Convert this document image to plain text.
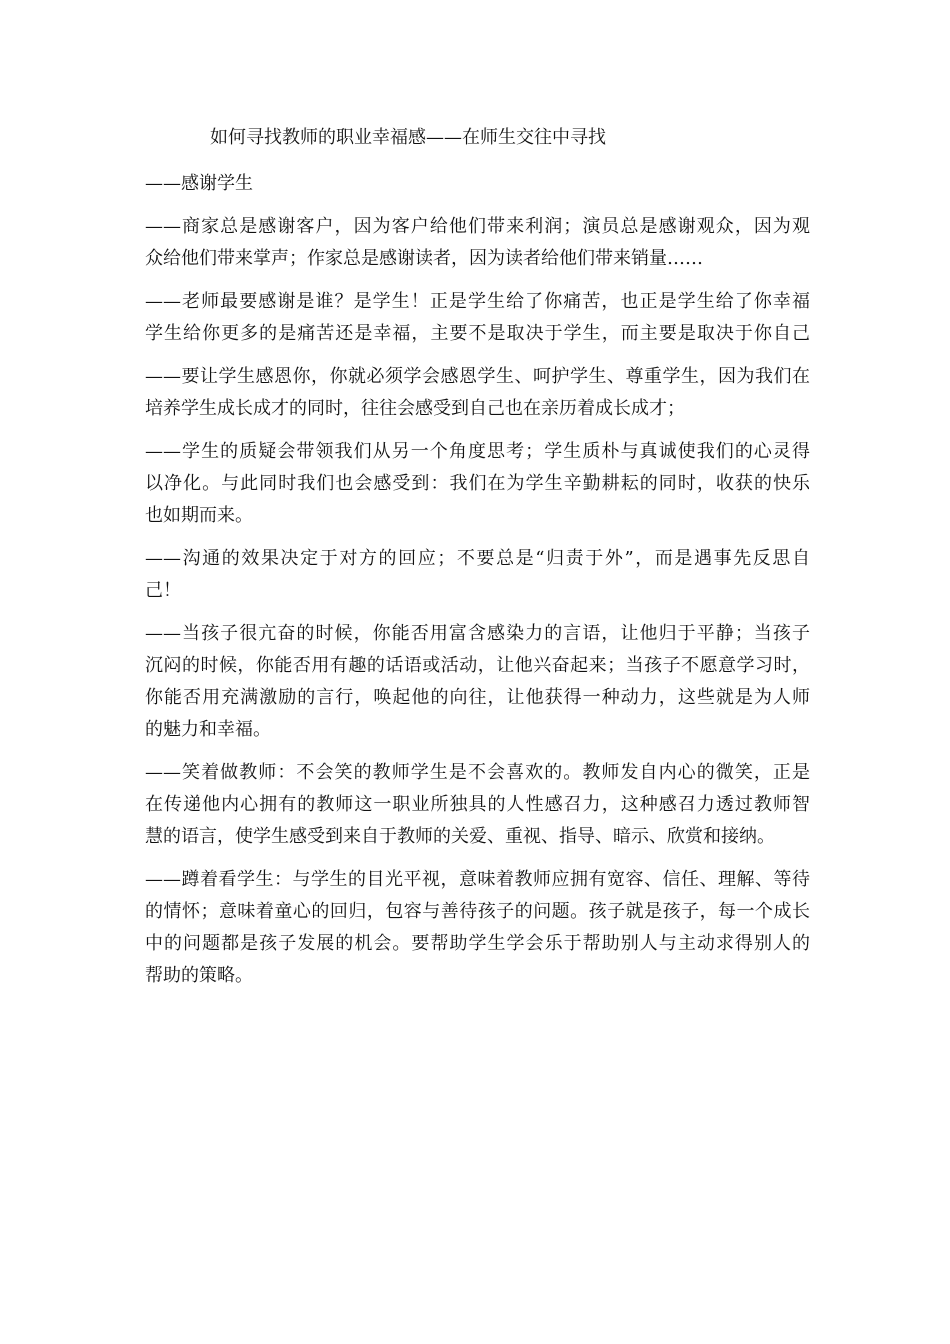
如何寻找教师的职业幸福感——在师生交往中寻找

——感谢学生

——商家总是感谢客户，因为客户给他们带来利润；演员总是感谢观众，因为观
众给他们带来掌声；作家总是感谢读者，因为读者给他们带来销量……

——老师最要感谢是谁？是学生！正是学生给了你痛苦，也正是学生给了你幸福
学生给你更多的是痛苦还是幸福，主要不是取决于学生，而主要是取决于你自己

——要让学生感恩你，你就必须学会感恩学生、呵护学生、尊重学生，因为我们在
培养学生成长成才的同时，往往会感受到自己也在亲历着成长成才；

——学生的质疑会带领我们从另一个角度思考；学生质朴与真诚使我们的心灵得
以净化。与此同时我们也会感受到：我们在为学生辛勤耕耘的同时，收获的快乐
也如期而来。

——沟通的效果决定于对方的回应；不要总是“归责于外”，而是遇事先反思自
己！

——当孩子很亢奋的时候，你能否用富含感染力的言语，让他归于平静；当孩子
沉闷的时候，你能否用有趣的话语或活动，让他兴奋起来；当孩子不愿意学习时，
你能否用充满激励的言行，唤起他的向往，让他获得一种动力，这些就是为人师
的魅力和幸福。

——笑着做教师：不会笑的教师学生是不会喜欢的。教师发自内心的微笑，正是
在传递他内心拥有的教师这一职业所独具的人性感召力，这种感召力透过教师智
慧的语言，使学生感受到来自于教师的关爱、重视、指导、暗示、欣赏和接纳。

——蹲着看学生：与学生的目光平视，意味着教师应拥有宽容、信任、理解、等待
的情怀；意味着童心的回归，包容与善待孩子的问题。孩子就是孩子，每一个成长
中的问题都是孩子发展的机会。要帮助学生学会乐于帮助别人与主动求得别人的
帮助的策略。
